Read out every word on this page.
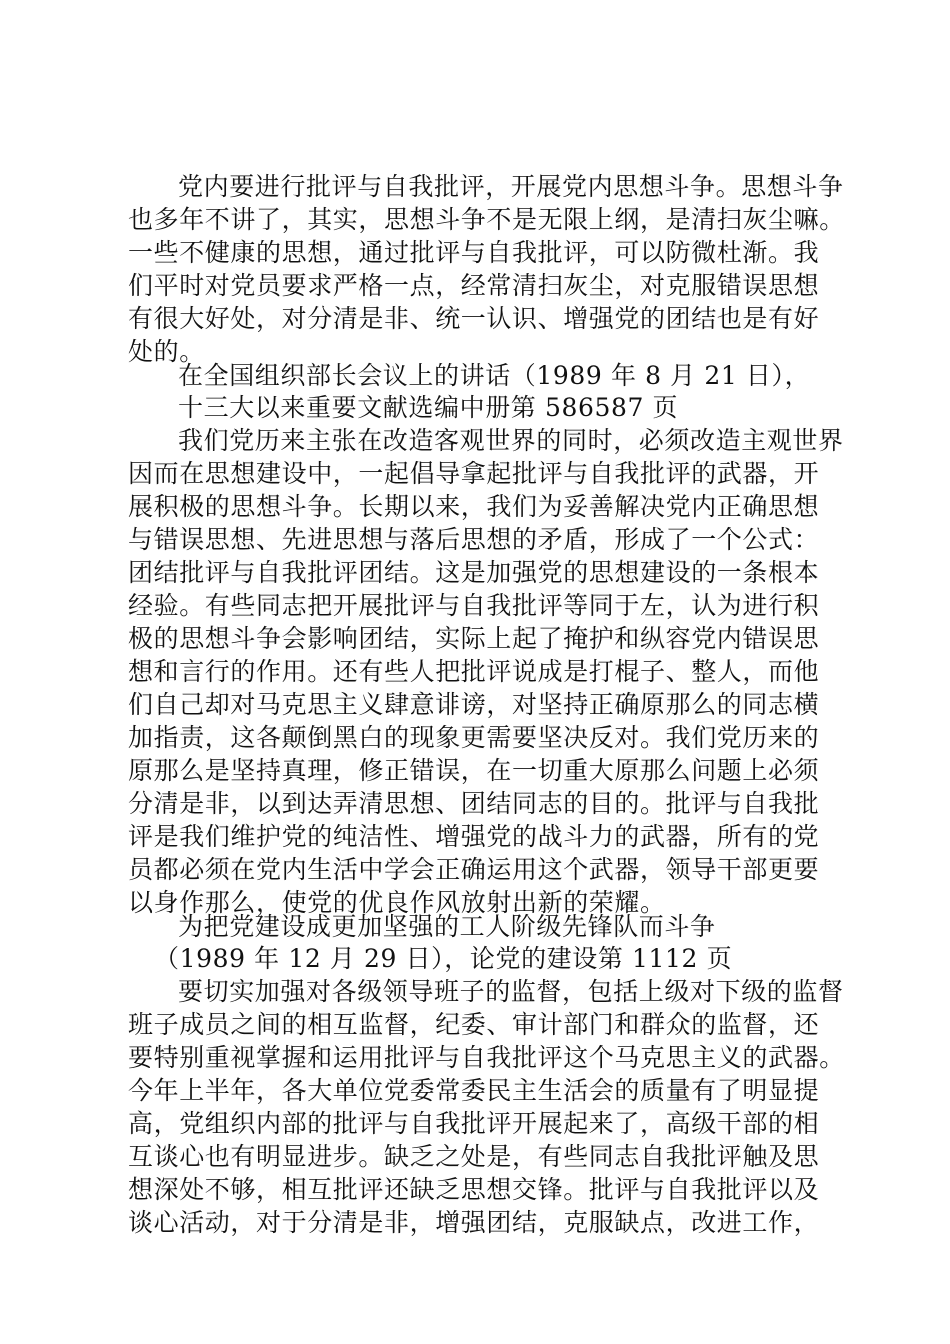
党内要进行批评与自我批评，开展党内思想斗争。思想斗争

也多年不讲了，其实，思想斗争不是无限上纲，是清扫灰尘嘛。

一些不健康的思想，通过批评与自我批评，可以防微杜渐。我

们平时对党员要求严格一点，经常清扫灰尘，对克服错误思想

有很大好处，对分清是非、统一认识、增强党的团结也是有好

处的。

在全国组织部长会议上的讲话（1989 年 8 月 21 日），

十三大以来重要文献选编中册第 586587 页

我们党历来主张在改造客观世界的同时，必须改造主观世界

因而在思想建设中，一起倡导拿起批评与自我批评的武器，开

展积极的思想斗争。长期以来，我们为妥善解决党内正确思想

与错误思想、先进思想与落后思想的矛盾，形成了一个公式：

团结批评与自我批评团结。这是加强党的思想建设的一条根本

经验。有些同志把开展批评与自我批评等同于左，认为进行积

极的思想斗争会影响团结，实际上起了掩护和纵容党内错误思

想和言行的作用。还有些人把批评说成是打棍子、整人，而他

们自己却对马克思主义肆意诽谤，对坚持正确原那么的同志横

加指责，这各颠倒黑白的现象更需要坚决反对。我们党历来的

原那么是坚持真理，修正错误，在一切重大原那么问题上必须

分清是非，以到达弄清思想、团结同志的目的。批评与自我批

评是我们维护党的纯洁性、增强党的战斗力的武器，所有的党

员都必须在党内生活中学会正确运用这个武器，领导干部更要

以身作那么，使党的优良作风放射出新的荣耀。

为把党建设成更加坚强的工人阶级先锋队而斗争

（1989 年 12 月 29 日），论党的建设第 1112 页

要切实加强对各级领导班子的监督，包括上级对下级的监督

班子成员之间的相互监督，纪委、审计部门和群众的监督，还

要特别重视掌握和运用批评与自我批评这个马克思主义的武器。

今年上半年，各大单位党委常委民主生活会的质量有了明显提

高，党组织内部的批评与自我批评开展起来了，高级干部的相

互谈心也有明显进步。缺乏之处是，有些同志自我批评触及思

想深处不够，相互批评还缺乏思想交锋。批评与自我批评以及

谈心活动，对于分清是非，增强团结，克服缺点，改进工作，
